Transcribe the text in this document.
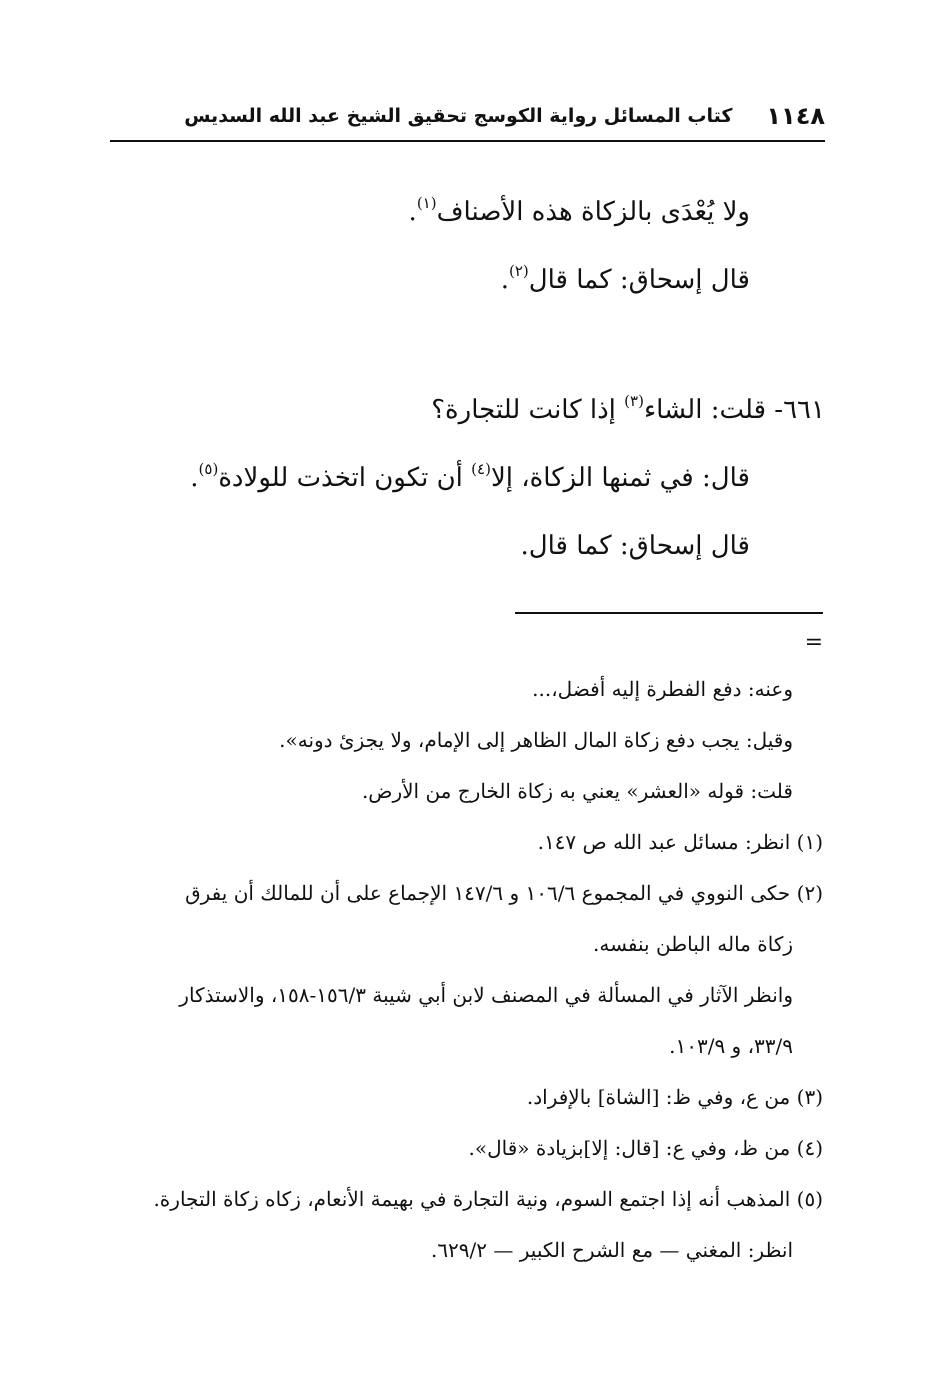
١١٤٨
كتاب المسائل رواية الكوسج تحقيق الشيخ عبد الله السديس

ولا يُعْدَى بالزكاة هذه الأصناف$^{(١)}$.

قال إسحاق: كما قال$^{(٢)}$.

٦٦١- قلت: الشاء$^{(٣)}$ إذا كانت للتجارة؟

قال: في ثمنها الزكاة، إلا$^{(٤)}$ أن تكون اتخذت للولادة$^{(٥)}$.

قال إسحاق: كما قال.

=

وعنه: دفع الفطرة إليه أفضل،...

وقيل: يجب دفع زكاة المال الظاهر إلى الإمام، ولا يجزئ دونه».

قلت: قوله «العشر» يعني به زكاة الخارج من الأرض.

(١) انظر: مسائل عبد الله ص ١٤٧.

(٢) حكى النووي في المجموع ١٠٦/٦ و ١٤٧/٦ الإجماع على أن للمالك أن يفرق

زكاة ماله الباطن بنفسه.

وانظر الآثار في المسألة في المصنف لابن أبي شيبة ١٥٦/٣-١٥٨، والاستذكار

٣٣/٩، و ١٠٣/٩.

(٣) من ع، وفي ظ: [الشاة] بالإفراد.

(٤) من ظ، وفي ع: [قال: إلا]بزيادة «قال».

(٥) المذهب أنه إذا اجتمع السوم، ونية التجارة في بهيمة الأنعام، زكاه زكاة التجارة.

انظر: المغني — مع الشرح الكبير — ٦٢٩/٢.
